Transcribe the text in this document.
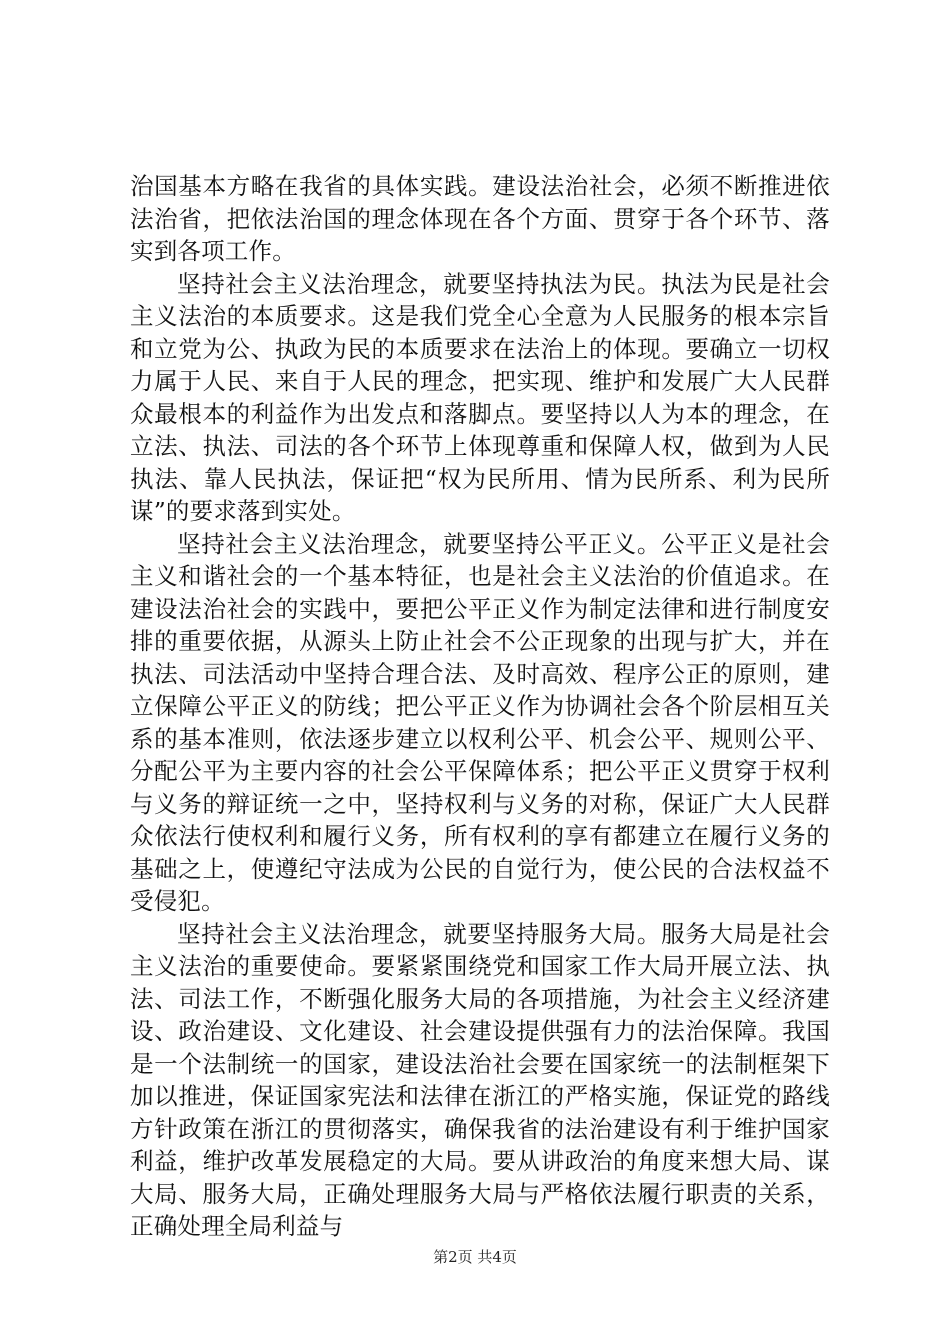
治国基本方略在我省的具体实践。建设法治社会，必须不断推进依法治省，把依法治国的理念体现在各个方面、贯穿于各个环节、落实到各项工作。

坚持社会主义法治理念，就要坚持执法为民。执法为民是社会主义法治的本质要求。这是我们党全心全意为人民服务的根本宗旨和立党为公、执政为民的本质要求在法治上的体现。要确立一切权力属于人民、来自于人民的理念，把实现、维护和发展广大人民群众最根本的利益作为出发点和落脚点。要坚持以人为本的理念，在立法、执法、司法的各个环节上体现尊重和保障人权，做到为人民执法、靠人民执法，保证把“权为民所用、情为民所系、利为民所谋”的要求落到实处。

坚持社会主义法治理念，就要坚持公平正义。公平正义是社会主义和谐社会的一个基本特征，也是社会主义法治的价值追求。在建设法治社会的实践中，要把公平正义作为制定法律和进行制度安排的重要依据，从源头上防止社会不公正现象的出现与扩大，并在执法、司法活动中坚持合理合法、及时高效、程序公正的原则，建立保障公平正义的防线；把公平正义作为协调社会各个阶层相互关系的基本准则，依法逐步建立以权利公平、机会公平、规则公平、分配公平为主要内容的社会公平保障体系；把公平正义贯穿于权利与义务的辩证统一之中，坚持权利与义务的对称，保证广大人民群众依法行使权利和履行义务，所有权利的享有都建立在履行义务的基础之上，使遵纪守法成为公民的自觉行为，使公民的合法权益不受侵犯。

坚持社会主义法治理念，就要坚持服务大局。服务大局是社会主义法治的重要使命。要紧紧围绕党和国家工作大局开展立法、执法、司法工作，不断强化服务大局的各项措施，为社会主义经济建设、政治建设、文化建设、社会建设提供强有力的法治保障。我国是一个法制统一的国家，建设法治社会要在国家统一的法制框架下加以推进，保证国家宪法和法律在浙江的严格实施，保证党的路线方针政策在浙江的贯彻落实，确保我省的法治建设有利于维护国家利益，维护改革发展稳定的大局。要从讲政治的角度来想大局、谋大局、服务大局，正确处理服务大局与严格依法履行职责的关系，正确处理全局利益与

第2页 共4页
